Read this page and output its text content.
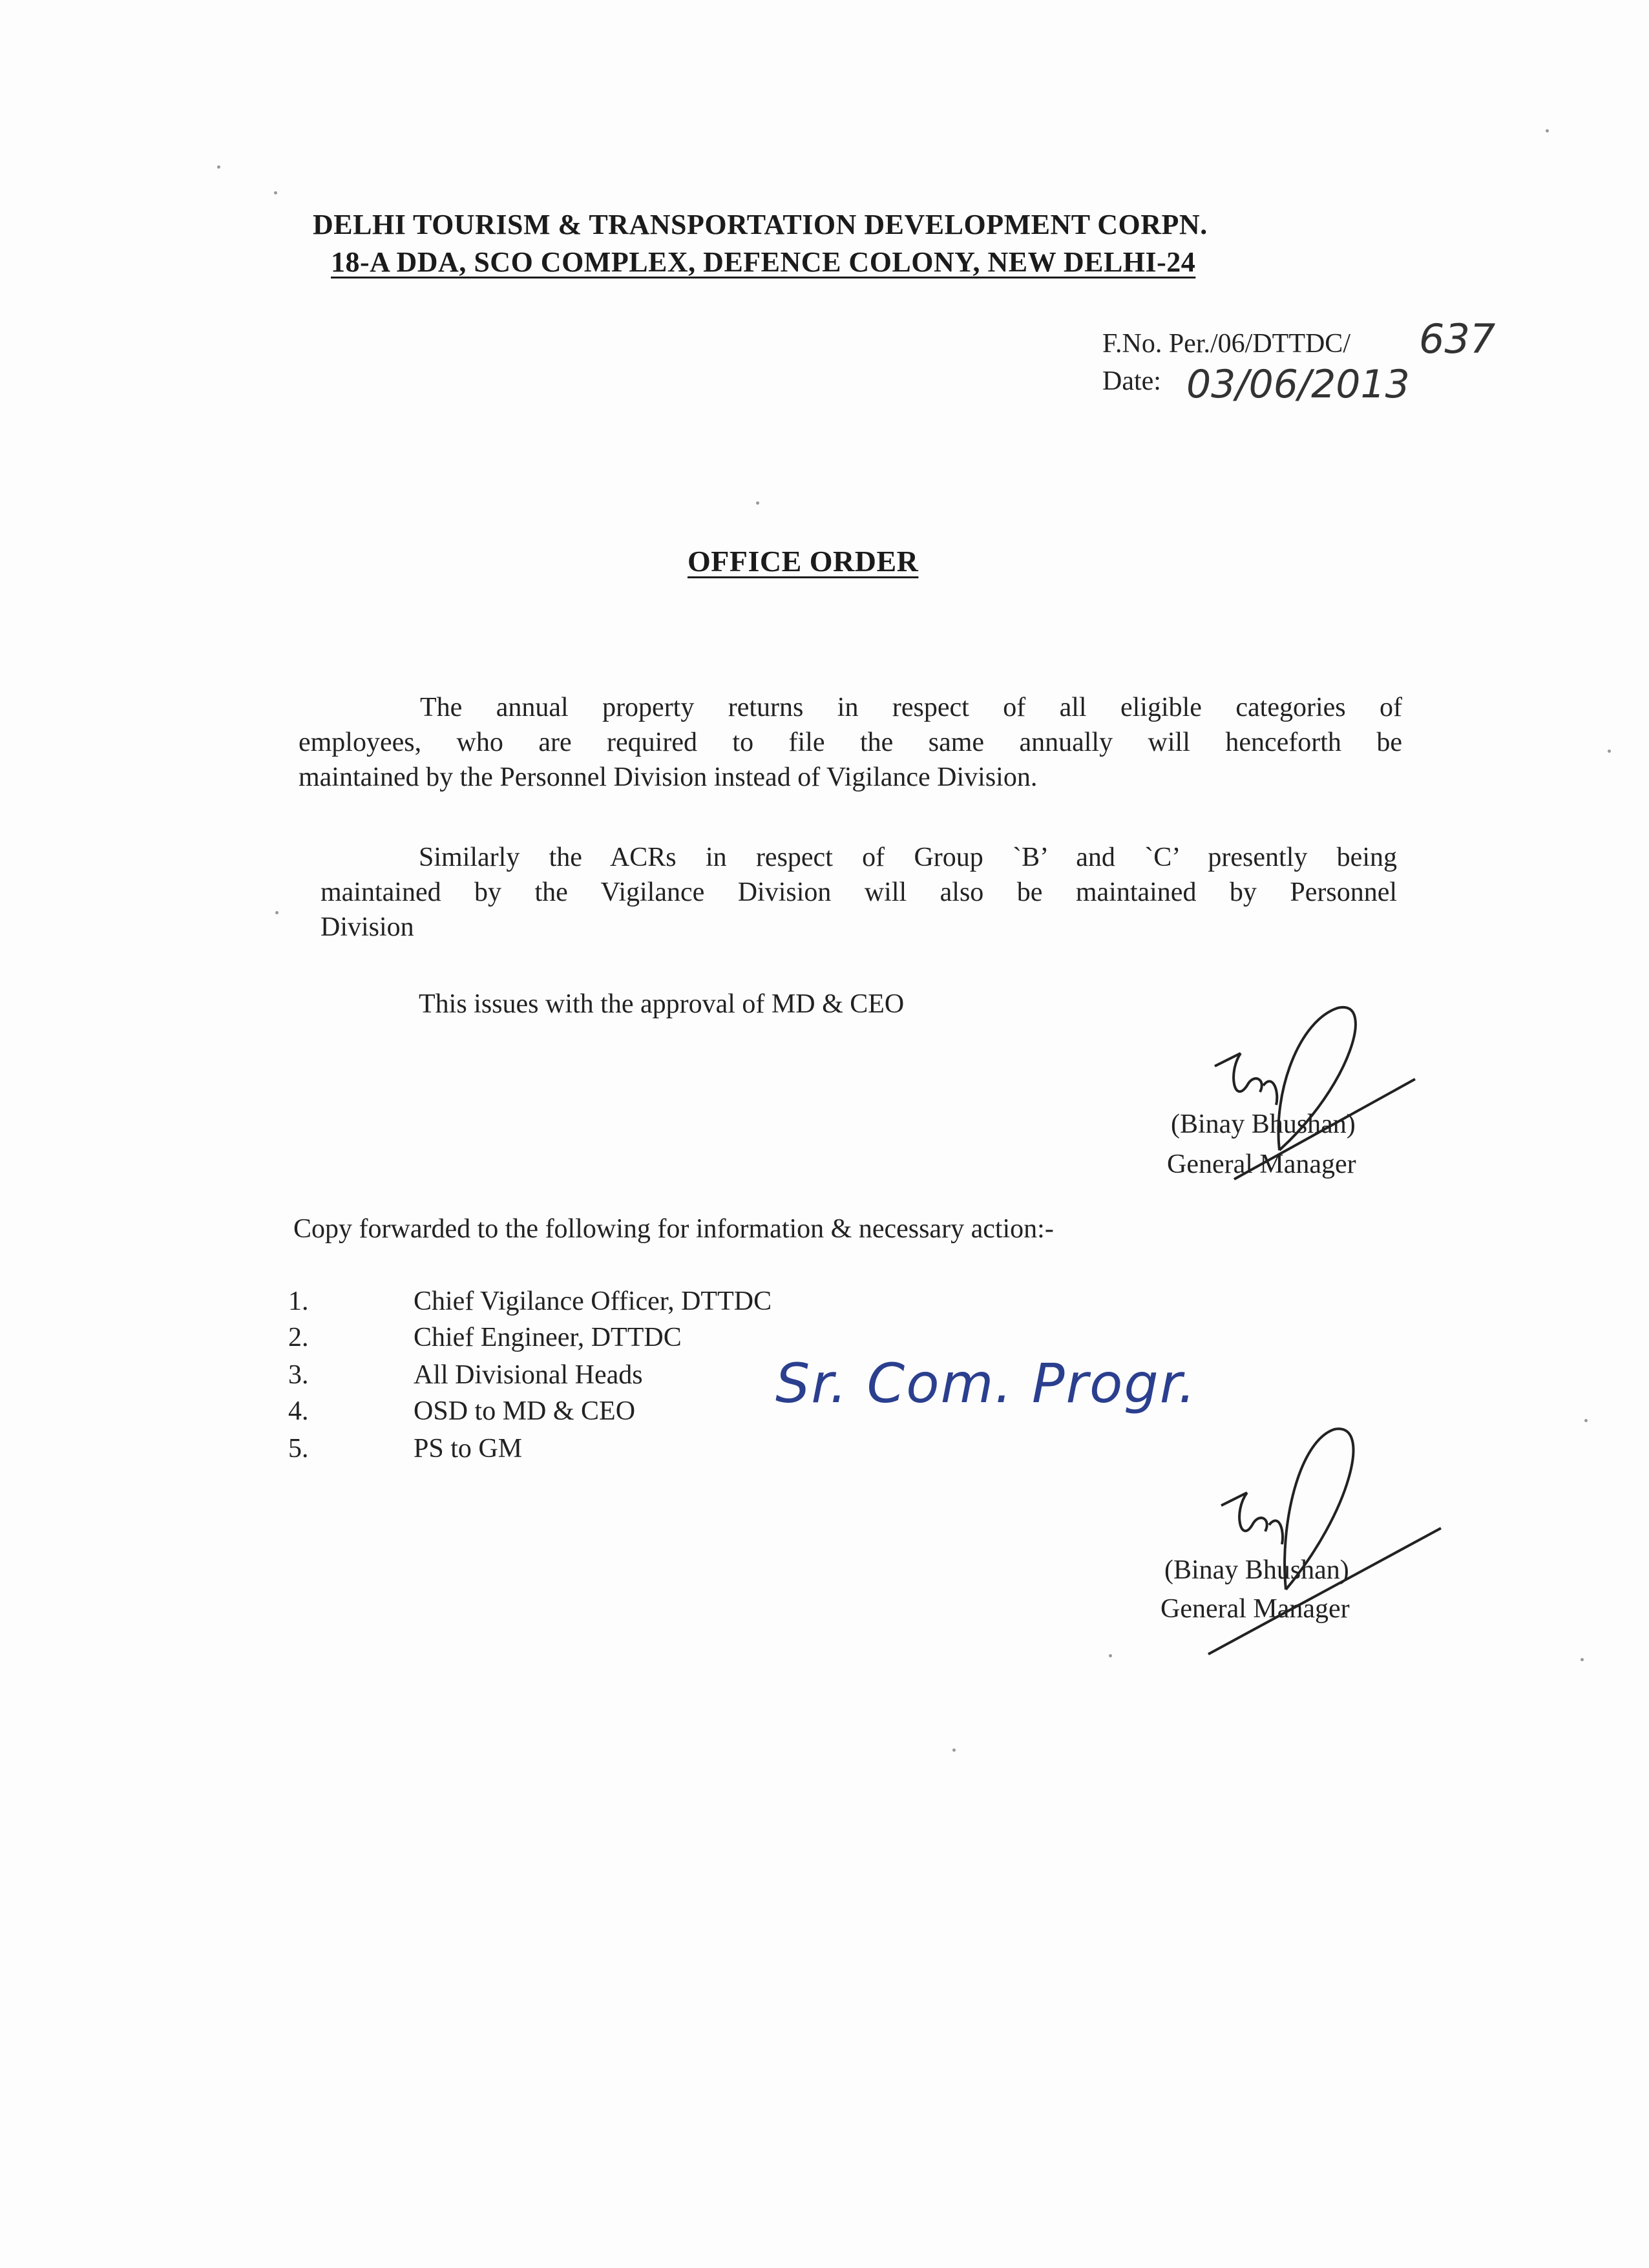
DELHI TOURISM & TRANSPORTATION DEVELOPMENT CORPN.
18-A DDA, SCO COMPLEX, DEFENCE COLONY, NEW DELHI-24
F.No. Per./06/DTTDC/ 637
Date: 03/06/2013
OFFICE ORDER
The annual property returns in respect of all eligible categories of
employees, who are required to file the same annually will henceforth be
maintained by the Personnel Division instead of Vigilance Division.
Similarly the ACRs in respect of Group `B’ and `C’ presently being
maintained by the Vigilance Division will also be maintained by Personnel
Division
This issues with the approval of MD & CEO
(Binay Bhushan)
General Manager
Copy forwarded to the following for information & necessary action:-
1.	Chief Vigilance Officer, DTTDC
2.	Chief Engineer, DTTDC
3.	All Divisional Heads
4.	OSD to MD & CEO
5.	PS to GM
Sr. Com. Progr.
(Binay Bhushan)
General Manager
